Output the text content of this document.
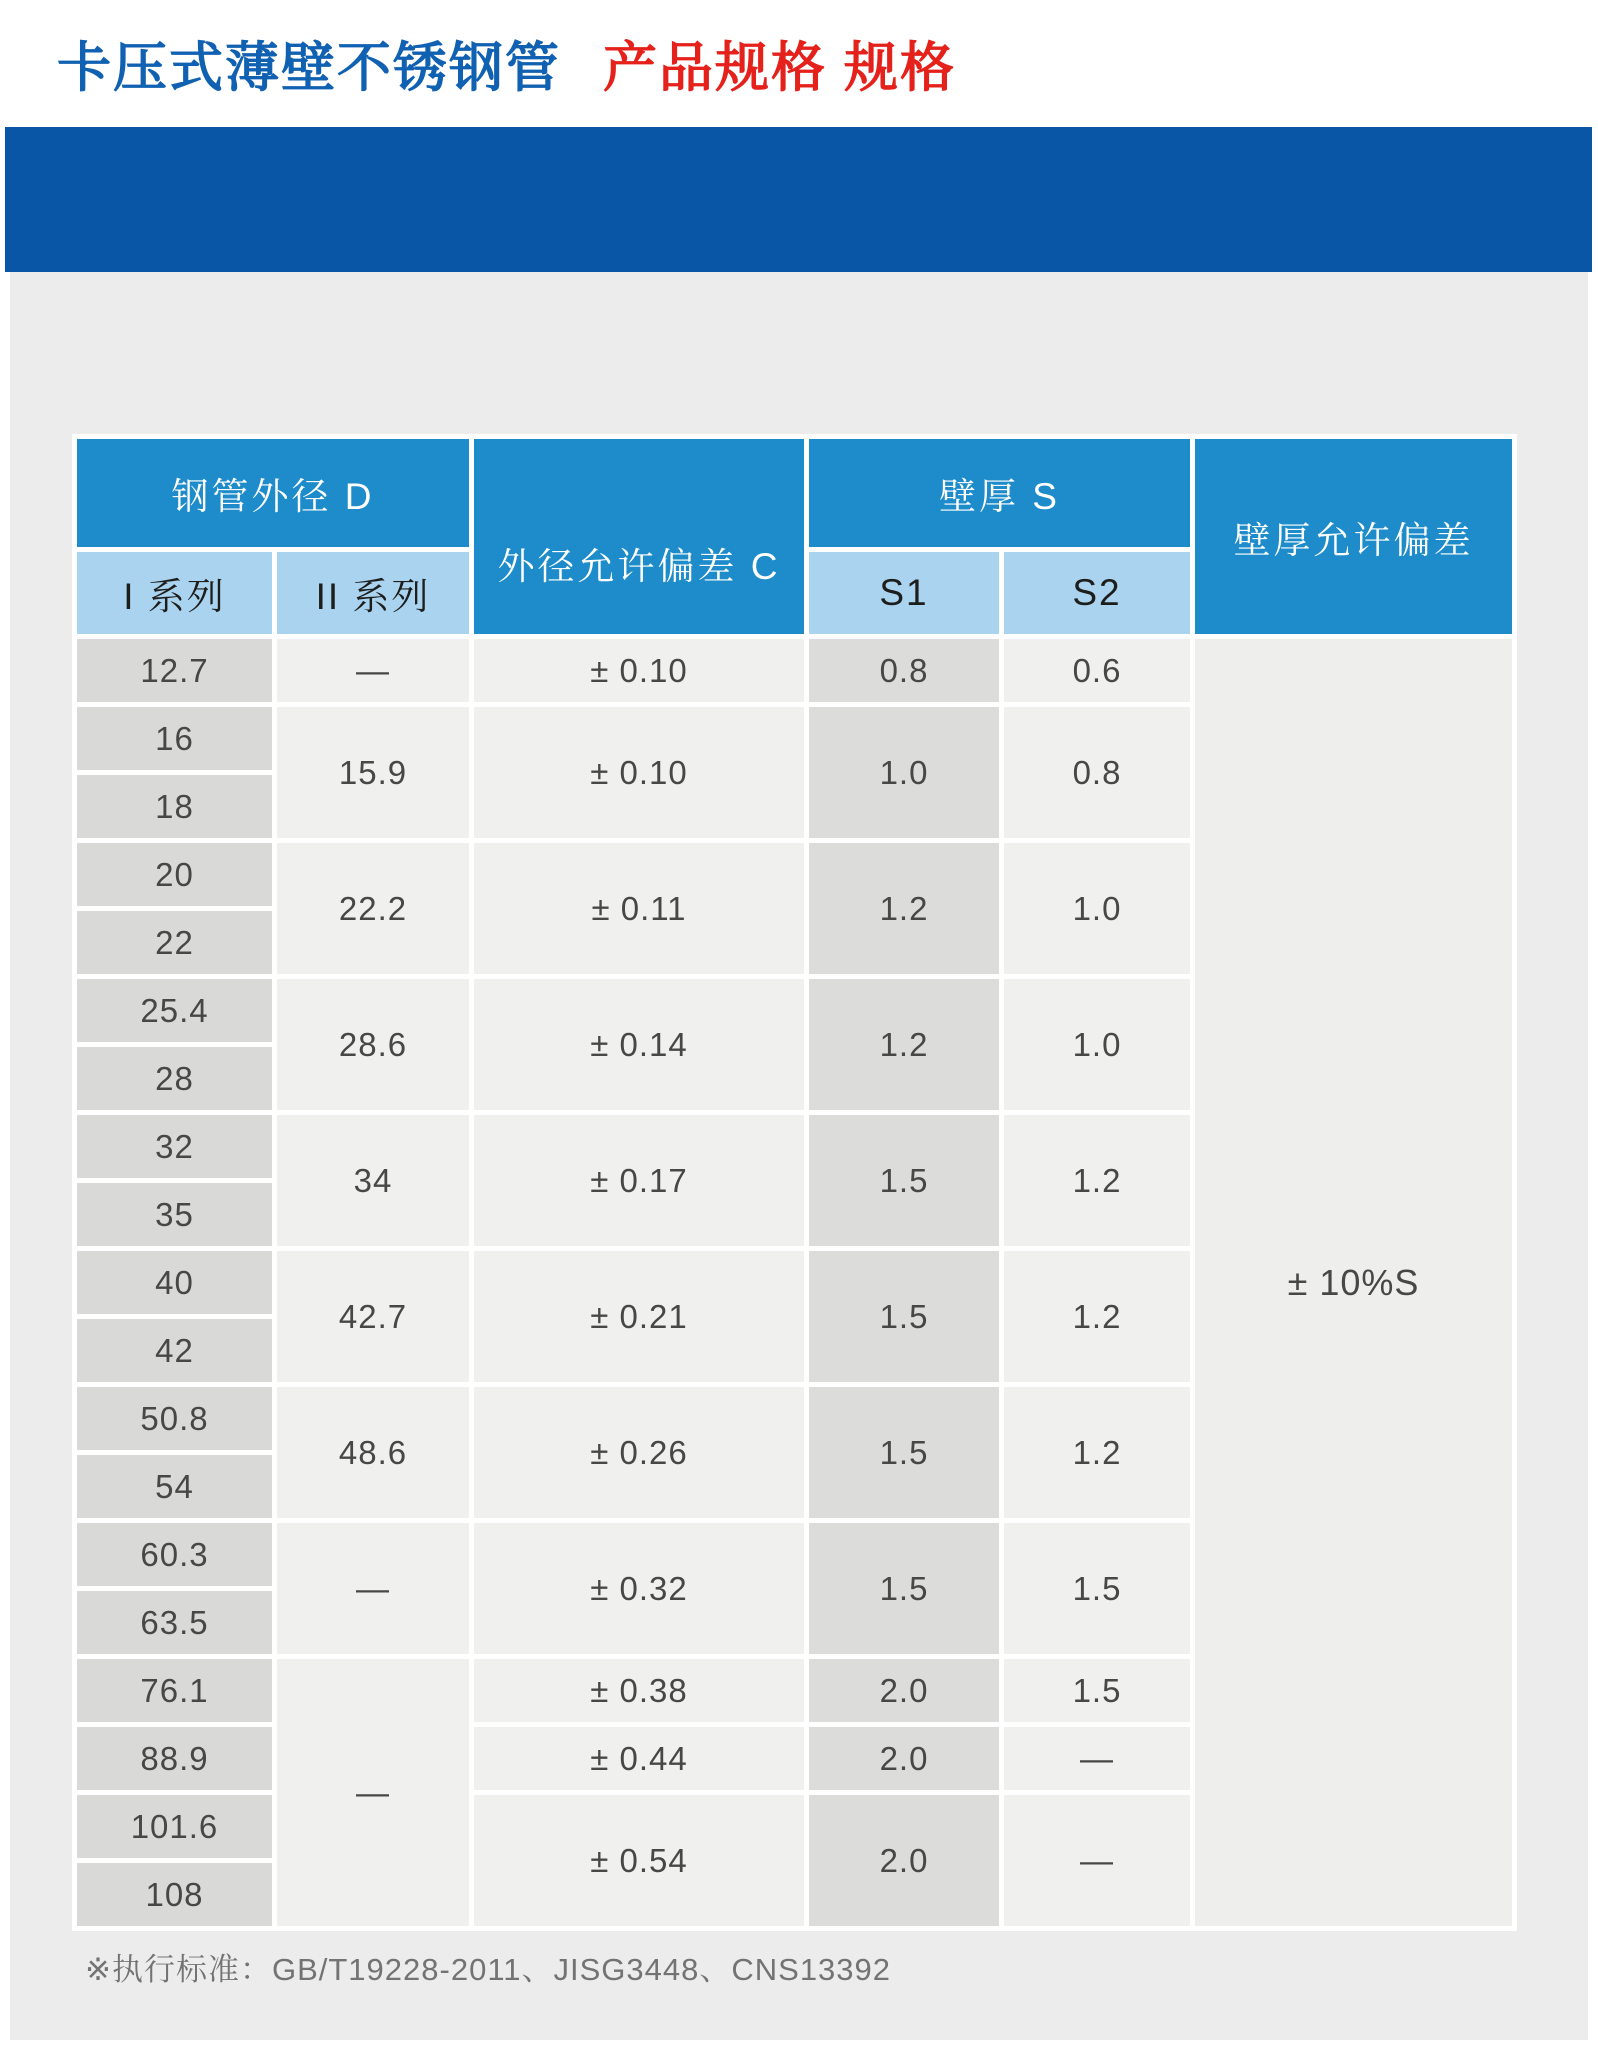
卡压式薄壁不锈钢管 产品规格 规格
钢管外径 D		外径允许偏差 C	壁厚 S		壁厚允许偏差
I 系列	II 系列		S1	S2	
12.7	—	± 0.10	0.8	0.6	± 10%S
16	15.9	± 0.10	1.0	0.8	
18					
20	22.2	± 0.11	1.2	1.0	
22					
25.4	28.6	± 0.14	1.2	1.0	
28					
32	34	± 0.17	1.5	1.2	
35					
40	42.7	± 0.21	1.5	1.2	
42					
50.8	48.6	± 0.26	1.5	1.2	
54					
60.3	—	± 0.32	1.5	1.5	
63.5					
76.1	—	± 0.38	2.0	1.5	
88.9		± 0.44	2.0	—	
101.6		± 0.54	2.0	—	
108					
※执行标准：GB/T19228-2011、JISG3448、CNS13392
